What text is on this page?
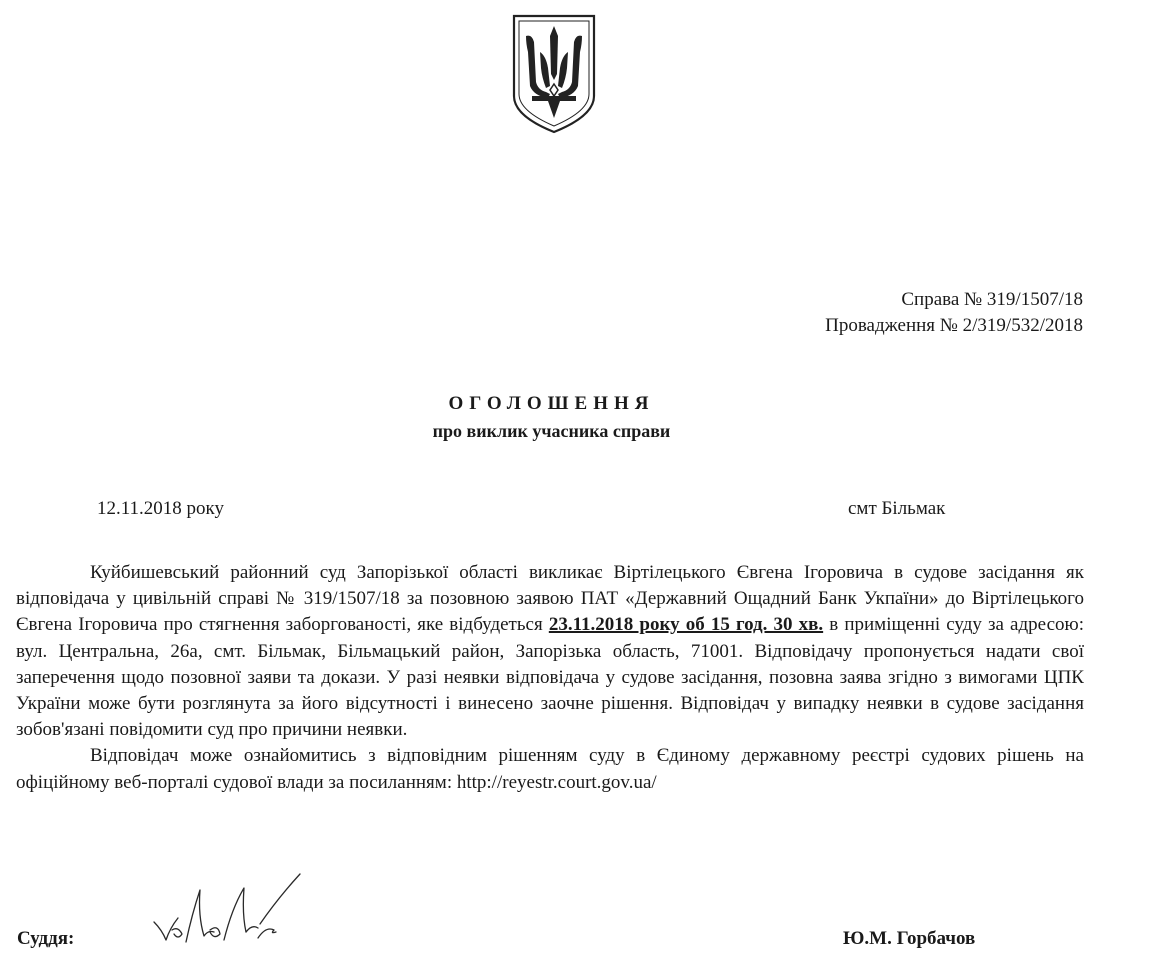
Справа № 319/1507/18
Провадження № 2/319/532/2018
ОГОЛОШЕННЯ
про виклик учасника справи
12.11.2018 року	смт Більмак

Куйбишевський районний суд Запорізької області викликає Віртілецького Євгена Ігоровича в судове засідання як відповідача у цивільній справі № 319/1507/18 за позовною заявою ПАТ «Державний Ощадний Банк Укпаїни» до Віртілецького Євгена Ігоровича про стягнення заборгованості, яке відбудеться 23.11.2018 року об 15 год. 30 хв. в приміщенні суду за адресою: вул. Центральна, 26а, смт. Більмак, Більмацький район, Запорізька область, 71001. Відповідачу пропонується надати свої заперечення щодо позовної заяви та докази. У разі неявки відповідача у судове засідання, позовна заява згідно з вимогами ЦПК України може бути розглянута за його відсутності і винесено заочне рішення. Відповідач у випадку неявки в судове засідання зобов'язані повідомити суд про причини неявки.

Відповідач може ознайомитись з відповідним рішенням суду в Єдиному державному реєстрі судових рішень на офіційному веб-порталі судової влади за посиланням: http://reyestr.court.gov.ua/

Суддя:	Ю.М. Горбачов
